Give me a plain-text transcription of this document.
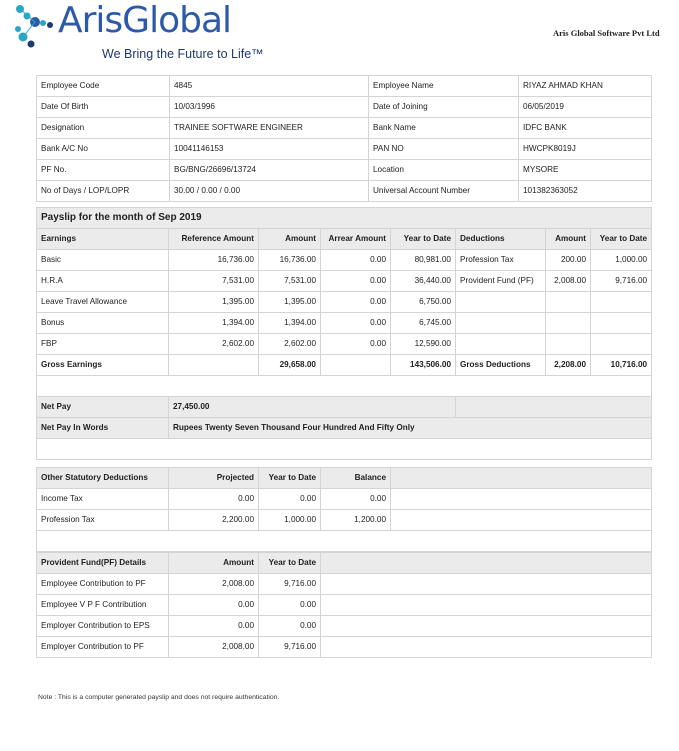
ArisGlobal
We Bring the Future to Life™
Aris Global Software Pvt Ltd
Employee Code	4845	Employee Name	RIYAZ AHMAD KHAN
Date Of Birth	10/03/1996	Date of Joining	06/05/2019
Designation	TRAINEE SOFTWARE ENGINEER	Bank Name	IDFC BANK
Bank A/C No	10041146153	PAN NO	HWCPK8019J
PF No.	BG/BNG/26696/13724	Location	MYSORE
No of Days / LOP/LOPR	30.00 / 0.00 / 0.00	Universal Account Number	101382363052
Payslip for the month of Sep 2019							
Earnings	Reference Amount	Amount	Arrear Amount	Year to Date	Deductions	Amount	Year to Date
Basic	16,736.00	16,736.00	0.00	80,981.00	Profession Tax	200.00	1,000.00
H.R.A	7,531.00	7,531.00	0.00	36,440.00	Provident Fund (PF)	2,008.00	9,716.00
Leave Travel Allowance	1,395.00	1,395.00	0.00	6,750.00			
Bonus	1,394.00	1,394.00	0.00	6,745.00			
FBP	2,602.00	2,602.00	0.00	12,590.00			
Gross Earnings		29,658.00		143,506.00	Gross Deductions	2,208.00	10,716.00

Net Pay	27,450.00						
Net Pay In Words	Rupees Twenty Seven Thousand Four Hundred And Fifty Only						

Other Statutory Deductions	Projected	Year to Date	Balance	
Income Tax	0.00	0.00	0.00	
Profession Tax	2,200.00	1,000.00	1,200.00	

Provident Fund(PF) Details	Amount	Year to Date	
Employee Contribution to PF	2,008.00	9,716.00	
Employee V P F Contribution	0.00	0.00	
Employer Contribution to EPS	0.00	0.00	
Employer Contribution to PF	2,008.00	9,716.00	
Note : This is a computer generated payslip and does not require authentication.
